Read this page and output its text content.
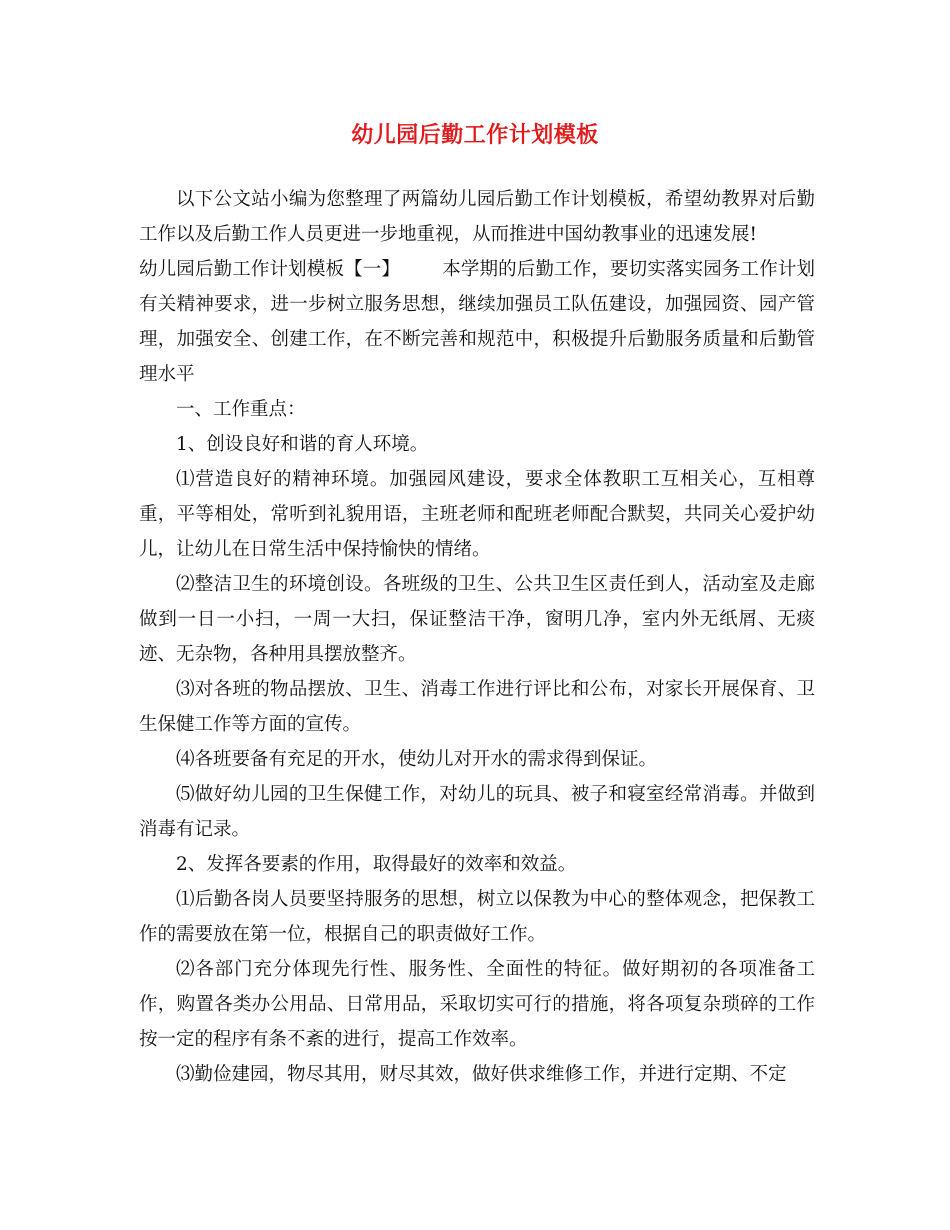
幼儿园后勤工作计划模板

以下公文站小编为您整理了两篇幼儿园后勤工作计划模板，希望幼教界对后勤工作以及后勤工作人员更进一步地重视，从而推进中国幼教事业的迅速发展!

幼儿园后勤工作计划模板【一】 本学期的后勤工作，要切实落实园务工作计划有关精神要求，进一步树立服务思想，继续加强员工队伍建设，加强园资、园产管理，加强安全、创建工作，在不断完善和规范中，积极提升后勤服务质量和后勤管理水平

一、工作重点：

1、创设良好和谐的育人环境。

⑴营造良好的精神环境。加强园风建设，要求全体教职工互相关心，互相尊重，平等相处，常听到礼貌用语，主班老师和配班老师配合默契，共同关心爱护幼儿，让幼儿在日常生活中保持愉快的情绪。

⑵整洁卫生的环境创设。各班级的卫生、公共卫生区责任到人，活动室及走廊做到一日一小扫，一周一大扫，保证整洁干净，窗明几净，室内外无纸屑、无痰迹、无杂物，各种用具摆放整齐。

⑶对各班的物品摆放、卫生、消毒工作进行评比和公布，对家长开展保育、卫生保健工作等方面的宣传。

⑷各班要备有充足的开水，使幼儿对开水的需求得到保证。

⑸做好幼儿园的卫生保健工作，对幼儿的玩具、被子和寝室经常消毒。并做到消毒有记录。

2、发挥各要素的作用，取得最好的效率和效益。

⑴后勤各岗人员要坚持服务的思想，树立以保教为中心的整体观念，把保教工作的需要放在第一位，根据自己的职责做好工作。

⑵各部门充分体现先行性、服务性、全面性的特征。做好期初的各项准备工作，购置各类办公用品、日常用品，采取切实可行的措施，将各项复杂琐碎的工作按一定的程序有条不紊的进行，提高工作效率。

⑶勤俭建园，物尽其用，财尽其效，做好供求维修工作，并进行定期、不定
